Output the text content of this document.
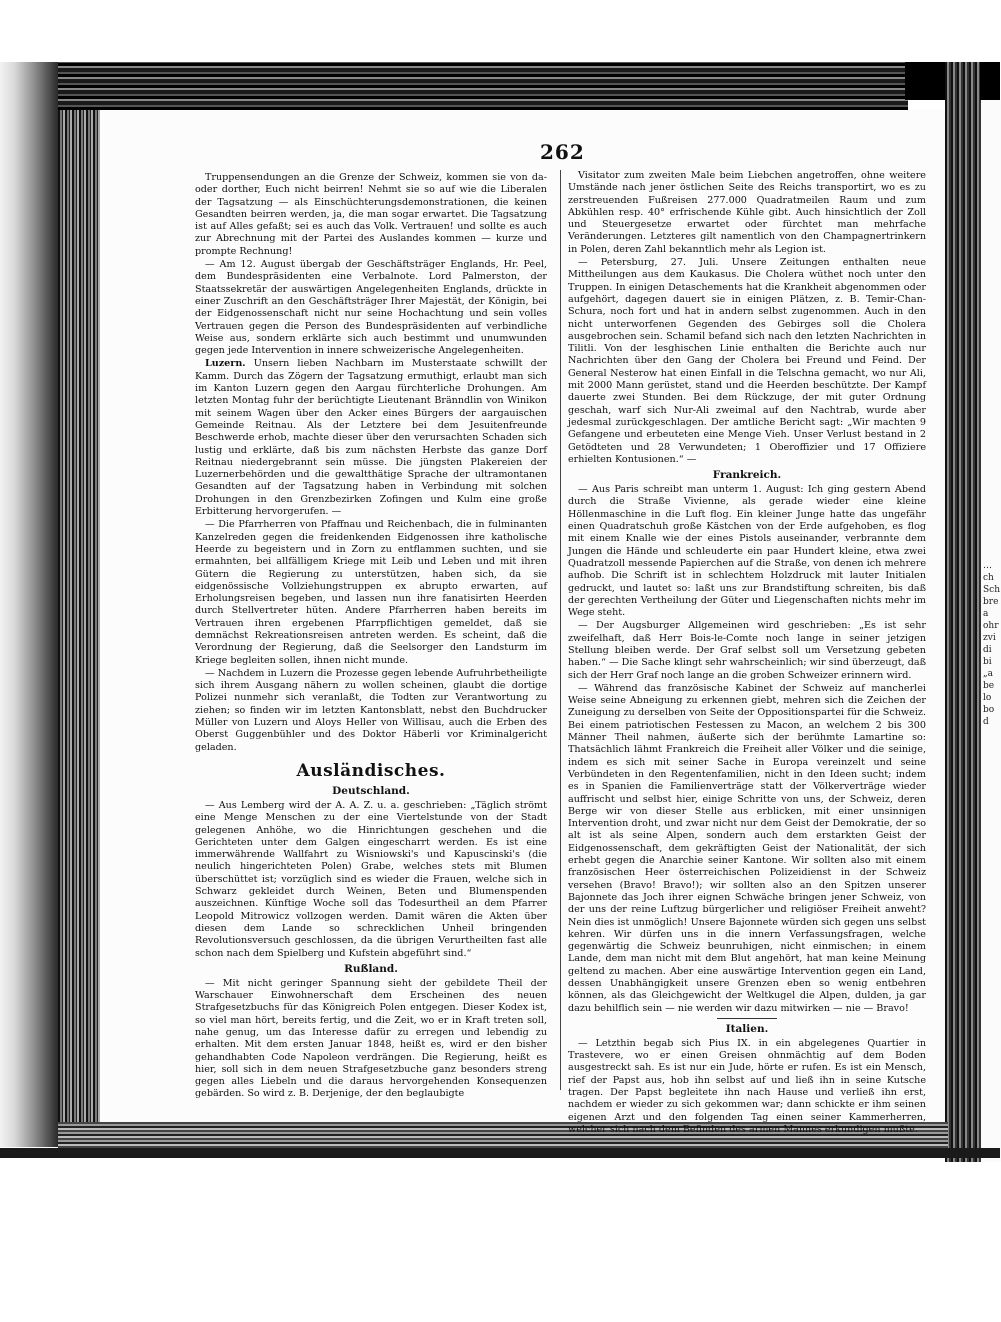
…ch Sch bre a ohr zvi di bi „a be lo bo d
262

Truppensendungen an die Grenze der Schweiz, kommen sie von da- oder dorther, Euch nicht beirren! Nehmt sie so auf wie die Liberalen der Tagsatzung — als Einschüchterungsdemonstrationen, die keinen Gesandten beirren werden, ja, die man sogar erwartet. Die Tagsatzung ist auf Alles gefaßt; sei es auch das Volk. Vertrauen! und sollte es auch zur Abrechnung mit der Partei des Auslandes kommen — kurze und prompte Rechnung!

— Am 12. August übergab der Geschäftsträger Englands, Hr. Peel, dem Bundespräsidenten eine Verbalnote. Lord Palmerston, der Staatssekretär der auswärtigen Angelegenheiten Englands, drückte in einer Zuschrift an den Geschäftsträger Ihrer Majestät, der Königin, bei der Eidgenossenschaft nicht nur seine Hochachtung und sein volles Vertrauen gegen die Person des Bundespräsidenten auf verbindliche Weise aus, sondern erklärte sich auch bestimmt und unumwunden gegen jede Intervention in innere schweizerische Angelegenheiten.

Luzern. Unsern lieben Nachbarn im Musterstaate schwillt der Kamm. Durch das Zögern der Tagsatzung ermuthigt, erlaubt man sich im Kanton Luzern gegen den Aargau fürchterliche Drohungen. Am letzten Montag fuhr der berüchtigte Lieutenant Bränndlin von Winikon mit seinem Wagen über den Acker eines Bürgers der aargauischen Gemeinde Reitnau. Als der Letztere bei dem Jesuitenfreunde Beschwerde erhob, machte dieser über den verursachten Schaden sich lustig und erklärte, daß bis zum nächsten Herbste das ganze Dorf Reitnau niedergebrannt sein müsse. Die jüngsten Plakereien der Luzernerbehörden und die gewaltthätige Sprache der ultramontanen Gesandten auf der Tagsatzung haben in Verbindung mit solchen Drohungen in den Grenzbezirken Zofingen und Kulm eine große Erbitterung hervorgerufen. —

— Die Pfarrherren von Pfaffnau und Reichenbach, die in fulminanten Kanzelreden gegen die freidenkenden Eidgenossen ihre katholische Heerde zu begeistern und in Zorn zu entflammen suchten, und sie ermahnten, bei allfälligem Kriege mit Leib und Leben und mit ihren Gütern die Regierung zu unterstützen, haben sich, da sie eidgenössische Vollziehungstruppen ex abrupto erwarten, auf Erholungsreisen begeben, und lassen nun ihre fanatisirten Heerden durch Stellvertreter hüten. Andere Pfarrherren haben bereits im Vertrauen ihren ergebenen Pfarrpflichtigen gemeldet, daß sie demnächst Rekreationsreisen antreten werden. Es scheint, daß die Verordnung der Regierung, daß die Seelsorger den Landsturm im Kriege begleiten sollen, ihnen nicht munde.

— Nachdem in Luzern die Prozesse gegen lebende Aufruhrbetheiligte sich ihrem Ausgang nähern zu wollen scheinen, glaubt die dortige Polizei nunmehr sich veranlaßt, die Todten zur Verantwortung zu ziehen; so finden wir im letzten Kantonsblatt, nebst den Buchdrucker Müller von Luzern und Aloys Heller von Willisau, auch die Erben des Oberst Guggenbühler und des Doktor Häberli vor Kriminalgericht geladen.

Ausländisches.
Deutschland.

— Aus Lemberg wird der A. A. Z. u. a. geschrieben: „Täglich strömt eine Menge Menschen zu der eine Viertelstunde von der Stadt gelegenen Anhöhe, wo die Hinrichtungen geschehen und die Gerichteten unter dem Galgen eingescharrt werden. Es ist eine immerwährende Wallfahrt zu Wisniowski's und Kapuscinski's (die neulich hingerichteten Polen) Grabe, welches stets mit Blumen überschüttet ist; vorzüglich sind es wieder die Frauen, welche sich in Schwarz gekleidet durch Weinen, Beten und Blumenspenden auszeichnen. Künftige Woche soll das Todesurtheil an dem Pfarrer Leopold Mitrowicz vollzogen werden. Damit wären die Akten über diesen dem Lande so schrecklichen Unheil bringenden Revolutionsversuch geschlossen, da die übrigen Verurtheilten fast alle schon nach dem Spielberg und Kufstein abgeführt sind.“

Rußland.

— Mit nicht geringer Spannung sieht der gebildete Theil der Warschauer Einwohnerschaft dem Erscheinen des neuen Strafgesetzbuchs für das Königreich Polen entgegen. Dieser Kodex ist, so viel man hört, bereits fertig, und die Zeit, wo er in Kraft treten soll, nahe genug, um das Interesse dafür zu erregen und lebendig zu erhalten. Mit dem ersten Januar 1848, heißt es, wird er den bisher gehandhabten Code Napoleon verdrängen. Die Regierung, heißt es hier, soll sich in dem neuen Strafgesetzbuche ganz besonders streng gegen alles Liebeln und die daraus hervorgehenden Konsequenzen gebärden. So wird z. B. Derjenige, der den beglaubigte

Visitator zum zweiten Male beim Liebchen angetroffen, ohne weitere Umstände nach jener östlichen Seite des Reichs transportirt, wo es zu zerstreuenden Fußreisen 277.000 Quadratmeilen Raum und zum Abkühlen resp. 40° erfrischende Kühle gibt. Auch hinsichtlich der Zoll und Steuergesetze erwartet oder fürchtet man mehrfache Veränderungen. Letzteres gilt namentlich von den Champagnertrinkern in Polen, deren Zahl bekanntlich mehr als Legion ist.

— Petersburg, 27. Juli. Unsere Zeitungen enthalten neue Mittheilungen aus dem Kaukasus. Die Cholera wüthet noch unter den Truppen. In einigen Detaschements hat die Krankheit abgenommen oder aufgehört, dagegen dauert sie in einigen Plätzen, z. B. Temir-Chan-Schura, noch fort und hat in andern selbst zugenommen. Auch in den nicht unterworfenen Gegenden des Gebirges soll die Cholera ausgebrochen sein. Schamil befand sich nach den letzten Nachrichten in Tilitli. Von der lesghischen Linie enthalten die Berichte auch nur Nachrichten über den Gang der Cholera bei Freund und Feind. Der General Nesterow hat einen Einfall in die Telschna gemacht, wo nur Ali, mit 2000 Mann gerüstet, stand und die Heerden beschützte. Der Kampf dauerte zwei Stunden. Bei dem Rückzuge, der mit guter Ordnung geschah, warf sich Nur-Ali zweimal auf den Nachtrab, wurde aber jedesmal zurückgeschlagen. Der amtliche Bericht sagt: „Wir machten 9 Gefangene und erbeuteten eine Menge Vieh. Unser Verlust bestand in 2 Getödteten und 28 Verwundeten; 1 Oberoffizier und 17 Offiziere erhielten Kontusionen.“ —

Frankreich.

— Aus Paris schreibt man unterm 1. August: Ich ging gestern Abend durch die Straße Vivienne, als gerade wieder eine kleine Höllenmaschine in die Luft flog. Ein kleiner Junge hatte das ungefähr einen Quadratschuh große Kästchen von der Erde aufgehoben, es flog mit einem Knalle wie der eines Pistols auseinander, verbrannte dem Jungen die Hände und schleuderte ein paar Hundert kleine, etwa zwei Quadratzoll messende Papierchen auf die Straße, von denen ich mehrere aufhob. Die Schrift ist in schlechtem Holzdruck mit lauter Initialen gedruckt, und lautet so: laßt uns zur Brandstiftung schreiten, bis daß der gerechten Vertheilung der Güter und Liegenschaften nichts mehr im Wege steht.

— Der Augsburger Allgemeinen wird geschrieben: „Es ist sehr zweifelhaft, daß Herr Bois-le-Comte noch lange in seiner jetzigen Stellung bleiben werde. Der Graf selbst soll um Versetzung gebeten haben.“ — Die Sache klingt sehr wahrscheinlich; wir sind überzeugt, daß sich der Herr Graf noch lange an die groben Schweizer erinnern wird.

— Während das französische Kabinet der Schweiz auf mancherlei Weise seine Abneigung zu erkennen giebt, mehren sich die Zeichen der Zuneigung zu derselben von Seite der Oppositionspartei für die Schweiz. Bei einem patriotischen Festessen zu Macon, an welchem 2 bis 300 Männer Theil nahmen, äußerte sich der berühmte Lamartine so: Thatsächlich lähmt Frankreich die Freiheit aller Völker und die seinige, indem es sich mit seiner Sache in Europa vereinzelt und seine Verbündeten in den Regentenfamilien, nicht in den Ideen sucht; indem es in Spanien die Familienverträge statt der Völkerverträge wieder auffrischt und selbst hier, einige Schritte von uns, der Schweiz, deren Berge wir von dieser Stelle aus erblicken, mit einer unsinnigen Intervention droht, und zwar nicht nur dem Geist der Demokratie, der so alt ist als seine Alpen, sondern auch dem erstarkten Geist der Eidgenossenschaft, dem gekräftigten Geist der Nationalität, der sich erhebt gegen die Anarchie seiner Kantone. Wir sollten also mit einem französischen Heer österreichischen Polizeidienst in der Schweiz versehen (Bravo! Bravo!); wir sollten also an den Spitzen unserer Bajonnete das Joch ihrer eignen Schwäche bringen jener Schweiz, von der uns der reine Luftzug bürgerlicher und religiöser Freiheit anweht? Nein dies ist unmöglich! Unsere Bajonnete würden sich gegen uns selbst kehren. Wir dürfen uns in die innern Verfassungsfragen, welche gegenwärtig die Schweiz beunruhigen, nicht einmischen; in einem Lande, dem man nicht mit dem Blut angehört, hat man keine Meinung geltend zu machen. Aber eine auswärtige Intervention gegen ein Land, dessen Unabhängigkeit unsere Grenzen eben so wenig entbehren können, als das Gleichgewicht der Weltkugel die Alpen, dulden, ja gar dazu behilflich sein — nie werden wir dazu mitwirken — nie — Bravo!

Italien.

— Letzthin begab sich Pius IX. in ein abgelegenes Quartier in Trastevere, wo er einen Greisen ohnmächtig auf dem Boden ausgestreckt sah. Es ist nur ein Jude, hörte er rufen. Es ist ein Mensch, rief der Papst aus, hob ihn selbst auf und ließ ihn in seine Kutsche tragen. Der Papst begleitete ihn nach Hause und verließ ihn erst, nachdem er wieder zu sich gekommen war; dann schickte er ihm seinen eigenen Arzt und den folgenden Tag einen seiner Kammerherren, welcher sich nach dem Befinden des armen Mannes erkundigen mußte.
